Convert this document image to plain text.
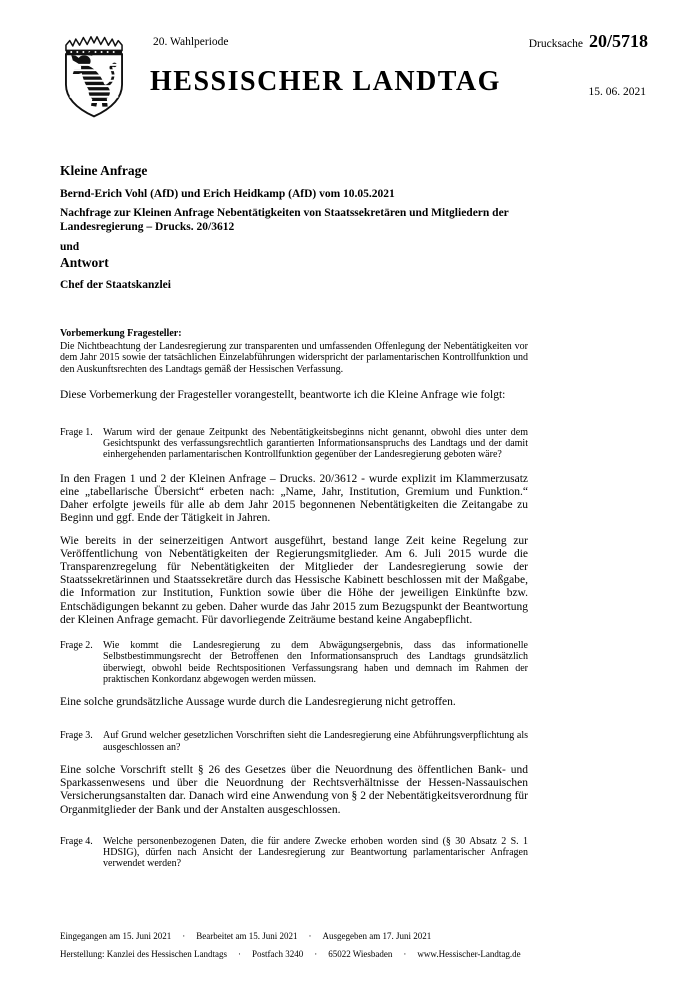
20. Wahlperiode
HESSISCHER LANDTAG
Drucksache 20/5718
15. 06. 2021
Kleine Anfrage

Bernd-Erich Vohl (AfD) und Erich Heidkamp (AfD) vom 10.05.2021

Nachfrage zur Kleinen Anfrage Nebentätigkeiten von Staatssekretären und Mitgliedern der Landesregierung – Drucks. 20/3612

und

Antwort

Chef der Staatskanzlei

Vorbemerkung Fragesteller:

Die Nichtbeachtung der Landesregierung zur transparenten und umfassenden Offenlegung der Nebentätigkeiten vor dem Jahr 2015 sowie der tatsächlichen Einzelabführungen widerspricht der parlamentarischen Kontrollfunktion und den Auskunftsrechten des Landtags gemäß der Hessischen Verfassung.

Diese Vorbemerkung der Fragesteller vorangestellt, beantworte ich die Kleine Anfrage wie folgt:

Frage 1.	Warum wird der genaue Zeitpunkt des Nebentätigkeitsbeginns nicht genannt, obwohl dies unter dem Gesichtspunkt des verfassungsrechtlich garantierten Informationsanspruchs des Landtags und der damit einhergehenden parlamentarischen Kontrollfunktion gegenüber der Landesregierung geboten wäre?

In den Fragen 1 und 2 der Kleinen Anfrage – Drucks. 20/3612 - wurde explizit im Klammerzusatz eine „tabellarische Übersicht“ erbeten nach: „Name, Jahr, Institution, Gremium und Funktion.“ Daher erfolgte jeweils für alle ab dem Jahr 2015 begonnenen Nebentätigkeiten die Zeitangabe zu Beginn und ggf. Ende der Tätigkeit in Jahren.

Wie bereits in der seinerzeitigen Antwort ausgeführt, bestand lange Zeit keine Regelung zur Veröffentlichung von Nebentätigkeiten der Regierungsmitglieder. Am 6. Juli 2015 wurde die Transparenzregelung für Nebentätigkeiten der Mitglieder der Landesregierung sowie der Staatssekretärinnen und Staatssekretäre durch das Hessische Kabinett beschlossen mit der Maßgabe, die Information zur Institution, Funktion sowie über die Höhe der jeweiligen Einkünfte bzw. Entschädigungen bekannt zu geben. Daher wurde das Jahr 2015 zum Bezugspunkt der Beantwortung der Kleinen Anfrage gemacht. Für davorliegende Zeiträume bestand keine Angabepflicht.

Frage 2.	Wie kommt die Landesregierung zu dem Abwägungsergebnis, dass das informationelle Selbstbestimmungsrecht der Betroffenen den Informationsanspruch des Landtags grundsätzlich überwiegt, obwohl beide Rechtspositionen Verfassungsrang haben und demnach im Rahmen der praktischen Konkordanz abgewogen werden müssen.

Eine solche grundsätzliche Aussage wurde durch die Landesregierung nicht getroffen.

Frage 3.	Auf Grund welcher gesetzlichen Vorschriften sieht die Landesregierung eine Abführungsverpflichtung als ausgeschlossen an?

Eine solche Vorschrift stellt § 26 des Gesetzes über die Neuordnung des öffentlichen Bank- und Sparkassenwesens und über die Neuordnung der Rechtsverhältnisse der Hessen-Nassauischen Versicherungsanstalten dar. Danach wird eine Anwendung von § 2 der Nebentätigkeitsverordnung für Organmitglieder der Bank und der Anstalten ausgeschlossen.

Frage 4.	Welche personenbezogenen Daten, die für andere Zwecke erhoben worden sind (§ 30 Absatz 2 S. 1 HDSIG), dürfen nach Ansicht der Landesregierung zur Beantwortung parlamentarischer Anfragen verwendet werden?

Eingegangen am 15. Juni 2021 · Bearbeitet am 15. Juni 2021 · Ausgegeben am 17. Juni 2021

Herstellung: Kanzlei des Hessischen Landtags · Postfach 3240 · 65022 Wiesbaden · www.Hessischer-Landtag.de
